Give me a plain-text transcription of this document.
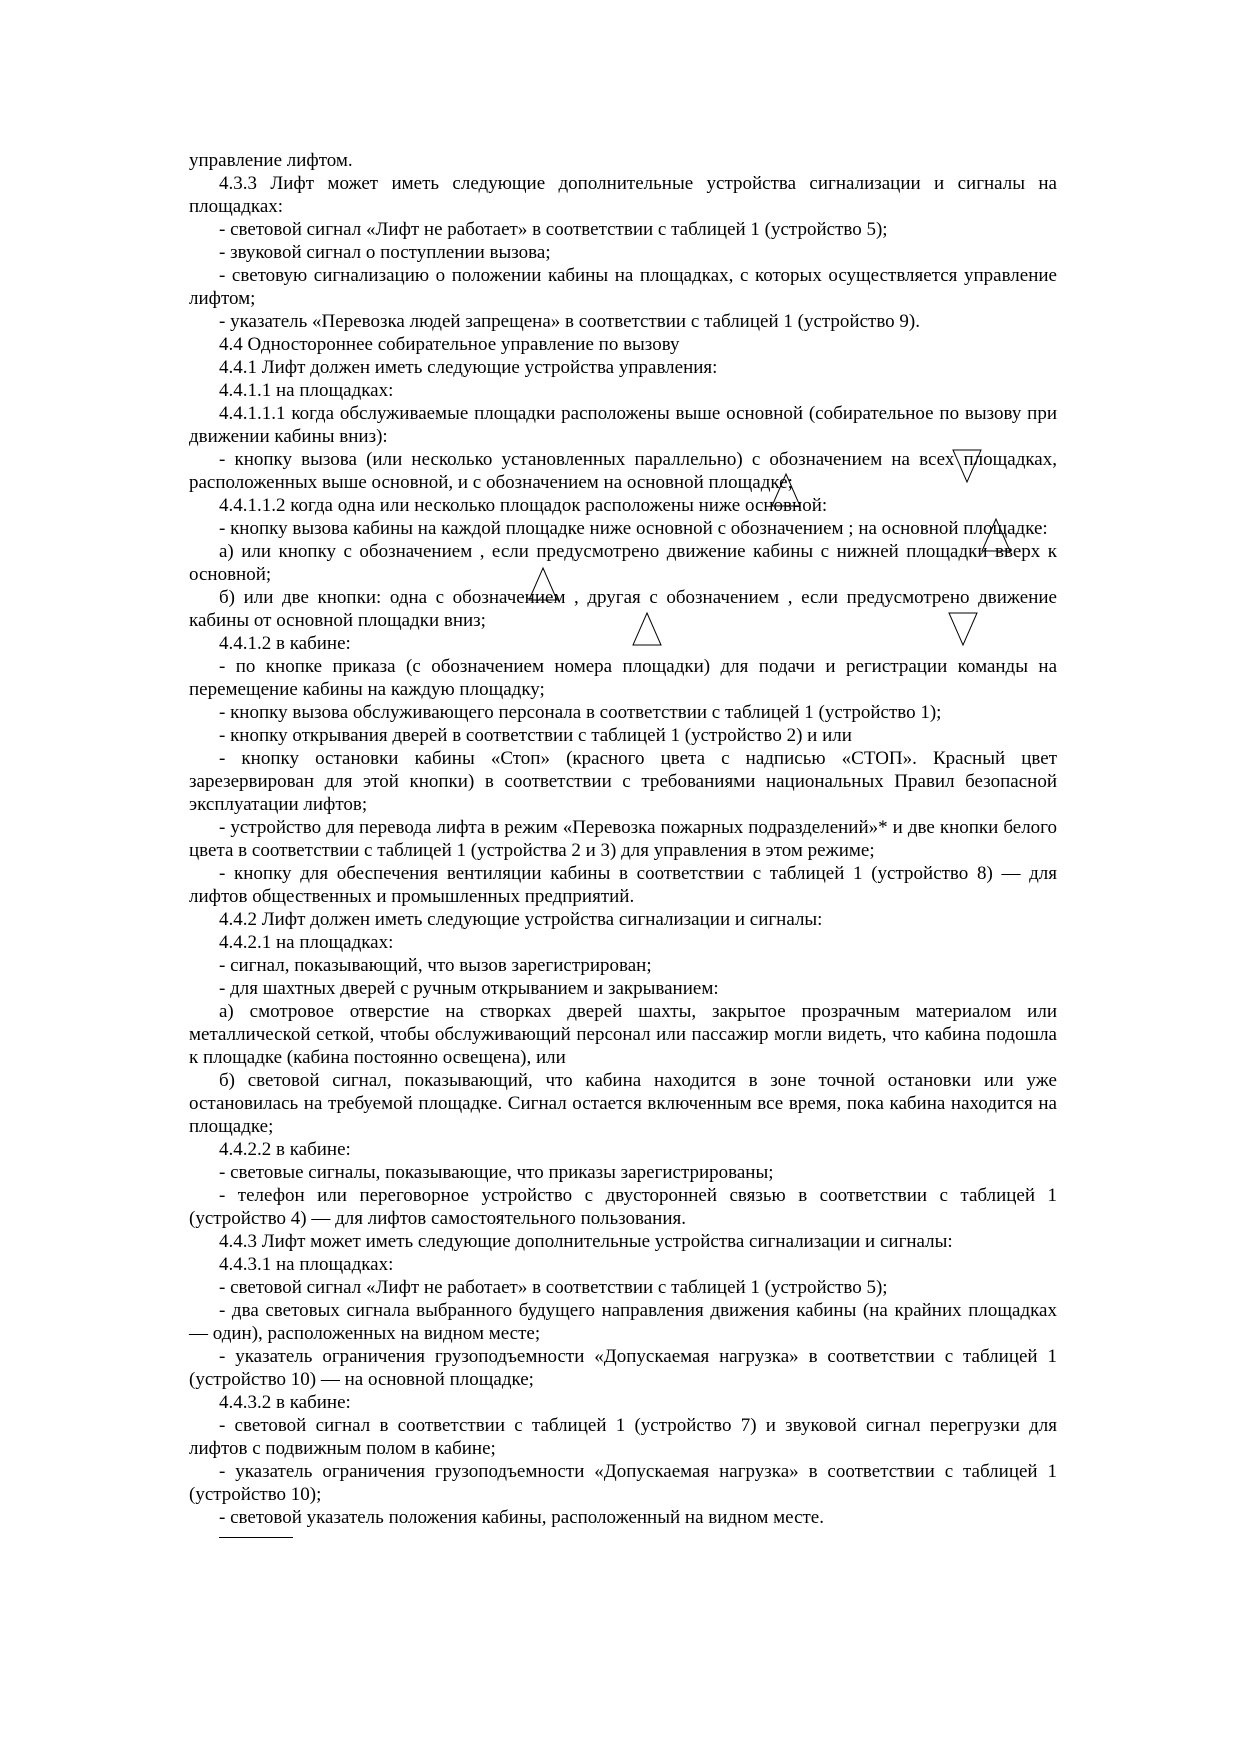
управление лифтом.

4.3.3 Лифт может иметь следующие дополнительные устройства сигнализации и сигналы на площадках:

- световой сигнал «Лифт не работает» в соответствии с таблицей 1 (устройство 5);

- звуковой сигнал о поступлении вызова;

- световую сигнализацию о положении кабины на площадках, с которых осуществляется управление лифтом;

- указатель «Перевозка людей запрещена» в соответствии с таблицей 1 (устройство 9).

4.4 Одностороннее собирательное управление по вызову

4.4.1 Лифт должен иметь следующие устройства управления:

4.4.1.1 на площадках:

4.4.1.1.1 когда обслуживаемые площадки расположены выше основной (собирательное по вызову при движении кабины вниз):

- кнопку вызова (или несколько установленных параллельно) с обозначением на всех площадках, расположенных выше основной, и с обозначением на основной площадке;

4.4.1.1.2 когда одна или несколько площадок расположены ниже основной:

- кнопку вызова кабины на каждой площадке ниже основной с обозначением ; на основной площадке:

а) или кнопку с обозначением , если предусмотрено движение кабины с нижней площадки вверх к основной;

б) или две кнопки: одна с обозначением , другая с обозначением , если предусмотрено движение кабины от основной площадки вниз;

4.4.1.2 в кабине:

- по кнопке приказа (с обозначением номера площадки) для подачи и регистрации команды на перемещение кабины на каждую площадку;

- кнопку вызова обслуживающего персонала в соответствии с таблицей 1 (устройство 1);

- кнопку открывания дверей в соответствии с таблицей 1 (устройство 2) и или

- кнопку остановки кабины «Стоп» (красного цвета с надписью «СТОП». Красный цвет зарезервирован для этой кнопки) в соответствии с требованиями национальных Правил безопасной эксплуатации лифтов;

- устройство для перевода лифта в режим «Перевозка пожарных подразделений»* и две кнопки белого цвета в соответствии с таблицей 1 (устройства 2 и 3) для управления в этом режиме;

- кнопку для обеспечения вентиляции кабины в соответствии с таблицей 1 (устройство 8) — для лифтов общественных и промышленных предприятий.

4.4.2 Лифт должен иметь следующие устройства сигнализации и сигналы:

4.4.2.1 на площадках:

- сигнал, показывающий, что вызов зарегистрирован;

- для шахтных дверей с ручным открыванием и закрыванием:

а) смотровое отверстие на створках дверей шахты, закрытое прозрачным материалом или металлической сеткой, чтобы обслуживающий персонал или пассажир могли видеть, что кабина подошла к площадке (кабина постоянно освещена), или

б) световой сигнал, показывающий, что кабина находится в зоне точной остановки или уже остановилась на требуемой площадке. Сигнал остается включенным все время, пока кабина находится на площадке;

4.4.2.2 в кабине:

- световые сигналы, показывающие, что приказы зарегистрированы;

- телефон или переговорное устройство с двусторонней связью в соответствии с таблицей 1 (устройство 4) — для лифтов самостоятельного пользования.

4.4.3 Лифт может иметь следующие дополнительные устройства сигнализации и сигналы:

4.4.3.1 на площадках:

- световой сигнал «Лифт не работает» в соответствии с таблицей 1 (устройство 5);

- два световых сигнала выбранного будущего направления движения кабины (на крайних площадках — один), расположенных на видном месте;

- указатель ограничения грузоподъемности «Допускаемая нагрузка» в соответствии с таблицей 1 (устройство 10) — на основной площадке;

4.4.3.2 в кабине:

- световой сигнал в соответствии с таблицей 1 (устройство 7) и звуковой сигнал перегрузки для лифтов с подвижным полом в кабине;

- указатель ограничения грузоподъемности «Допускаемая нагрузка» в соответствии с таблицей 1 (устройство 10);

- световой указатель положения кабины, расположенный на видном месте.
